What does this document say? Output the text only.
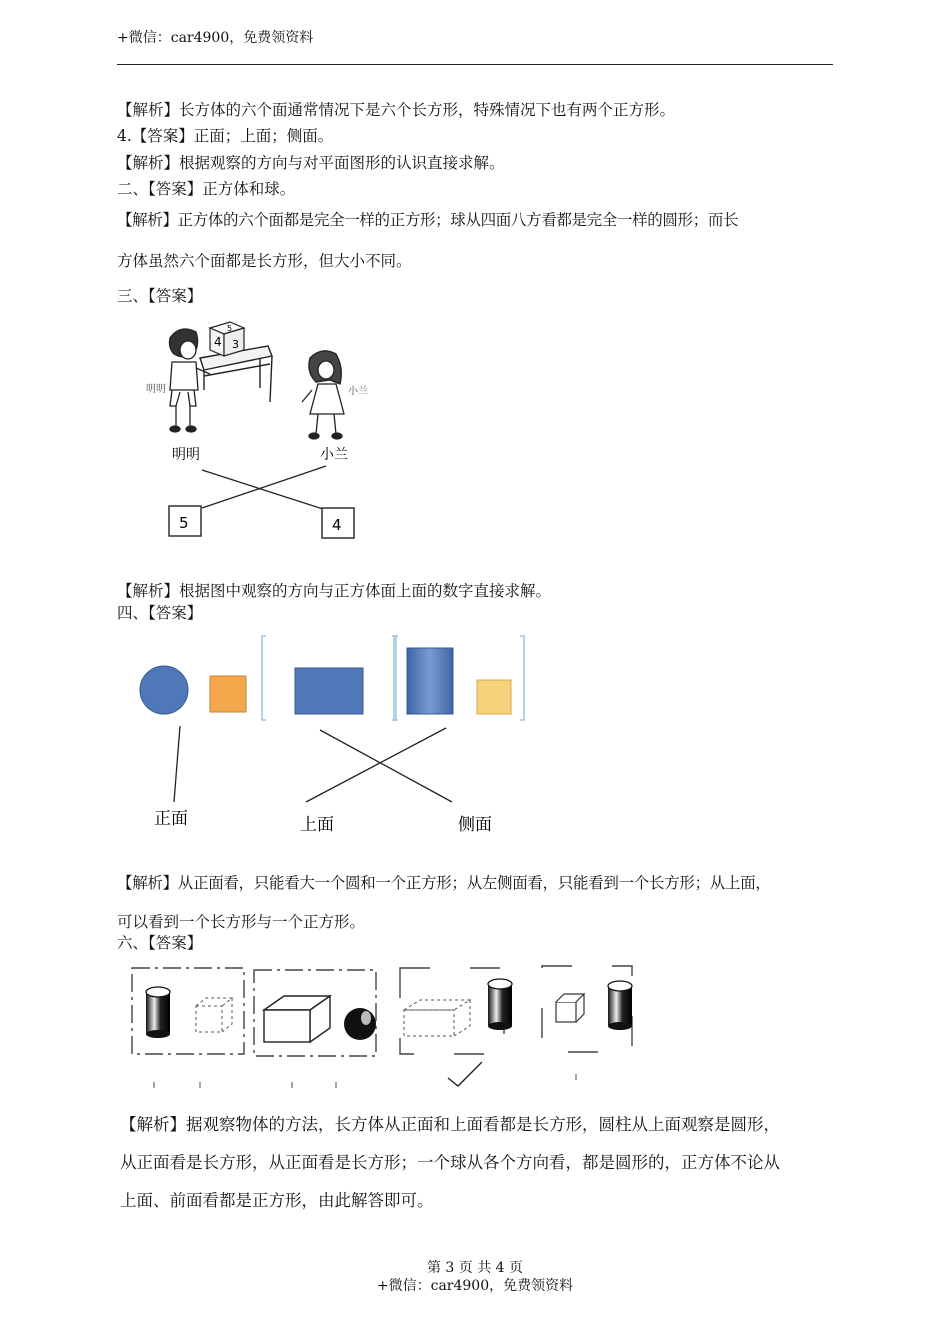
+微信：car4900，免费领资料
【解析】长方体的六个面通常情况下是六个长方形，特殊情况下也有两个正方形。
4.【答案】正面；上面；侧面。
【解析】根据观察的方向与对平面图形的认识直接求解。
二、【答案】正方体和球。
【解析】正方体的六个面都是完全一样的正方形；球从四面八方看都是完全一样的圆形；而长
方体虽然六个面都是长方形，但大小不同。
三、【答案】
5
4 3
明明	小兰
明明	小兰
5	4
【解析】根据图中观察的方向与正方体面上面的数字直接求解。
四、【答案】
正面	上面	侧面
【解析】从正面看，只能看大一个圆和一个正方形；从左侧面看，只能看到一个长方形；从上面，
可以看到一个长方形与一个正方形。
六、【答案】
【解析】据观察物体的方法，长方体从正面和上面看都是长方形，圆柱从上面观察是圆形，
从正面看是长方形，从正面看是长方形；一个球从各个方向看，都是圆形的，正方体不论从
上面、前面看都是正方形，由此解答即可。
第 3 页 共 4 页
+微信：car4900，免费领资料
